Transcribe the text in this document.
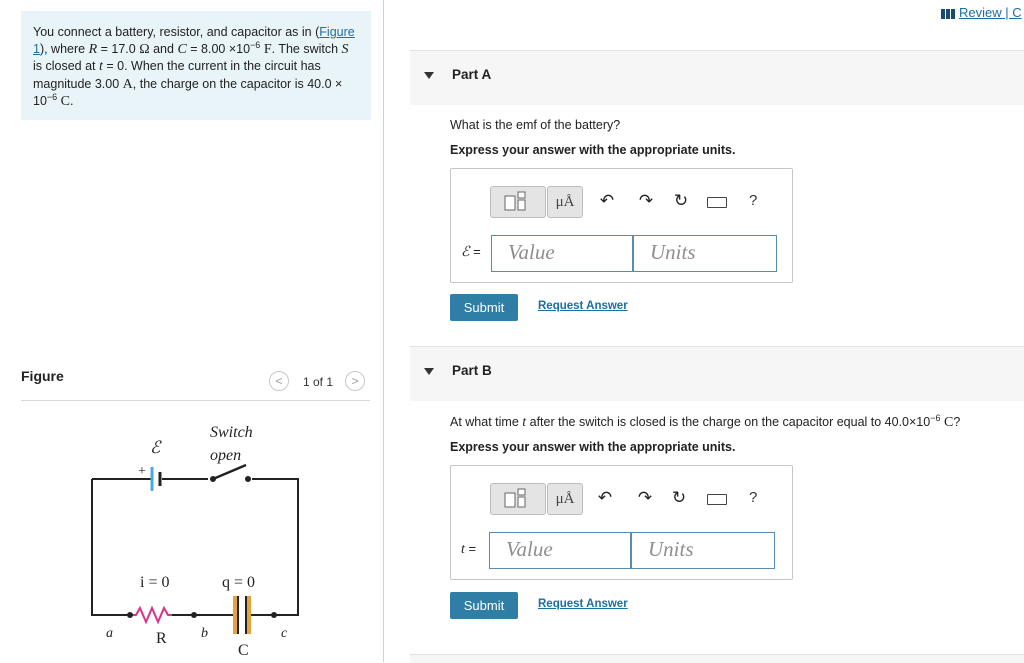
You connect a battery, resistor, and capacitor as in (Figure 1), where R = 17.0 Ω and $C = 8.00 \times 10^{-6}$ F. The switch S is closed at t = 0. When the current in the circuit has magnitude 3.00 A, the charge on the capacitor is $40.0 \times 10^{-6}$ C.
Figure	<	1 of 1	>
+
ℰ
Switch
open
i = 0	q = 0
a	b	c
R
C
Review | C
Part A
What is the emf of the battery?
Express your answer with the appropriate units.
μÅ	↶ ↷ ↻	?
ℰ =	Value	Units
Submit	Request Answer
Part B
At what time t after the switch is closed is the charge on the capacitor equal to $40.0\times 10^{-6}$ C?
Express your answer with the appropriate units.
μÅ	↶ ↷ ↻	?
t =	Value	Units
Submit	Request Answer
